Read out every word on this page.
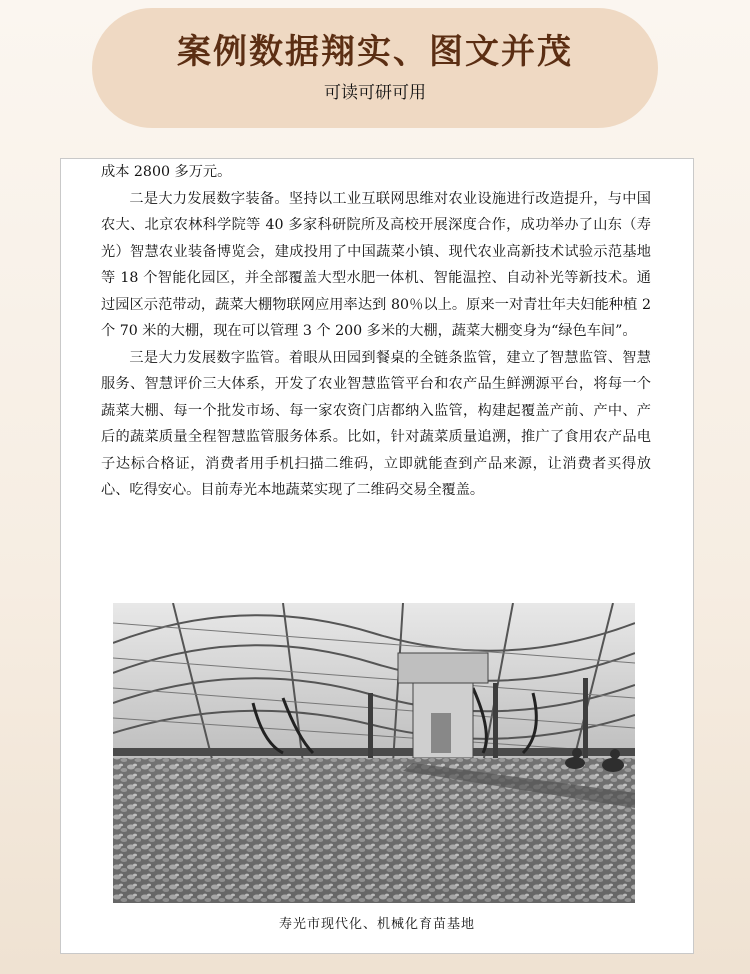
案例数据翔实、图文并茂
可读可研可用

成本 2800 多万元。

二是大力发展数字装备。坚持以工业互联网思维对农业设施进行改造提升，与中国农大、北京农林科学院等 40 多家科研院所及高校开展深度合作，成功举办了山东（寿光）智慧农业装备博览会，建成投用了中国蔬菜小镇、现代农业高新技术试验示范基地等 18 个智能化园区，并全部覆盖大型水肥一体机、智能温控、自动补光等新技术。通过园区示范带动，蔬菜大棚物联网应用率达到 80％以上。原来一对青壮年夫妇能种植 2 个 70 米的大棚，现在可以管理 3 个 200 多米的大棚，蔬菜大棚变身为“绿色车间”。

三是大力发展数字监管。着眼从田园到餐桌的全链条监管，建立了智慧监管、智慧服务、智慧评价三大体系，开发了农业智慧监管平台和农产品生鲜溯源平台，将每一个蔬菜大棚、每一个批发市场、每一家农资门店都纳入监管，构建起覆盖产前、产中、产后的蔬菜质量全程智慧监管服务体系。比如，针对蔬菜质量追溯，推广了食用农产品电子达标合格证，消费者用手机扫描二维码，立即就能查到产品来源，让消费者买得放心、吃得安心。目前寿光本地蔬菜实现了二维码交易全覆盖。

寿光市现代化、机械化育苗基地
